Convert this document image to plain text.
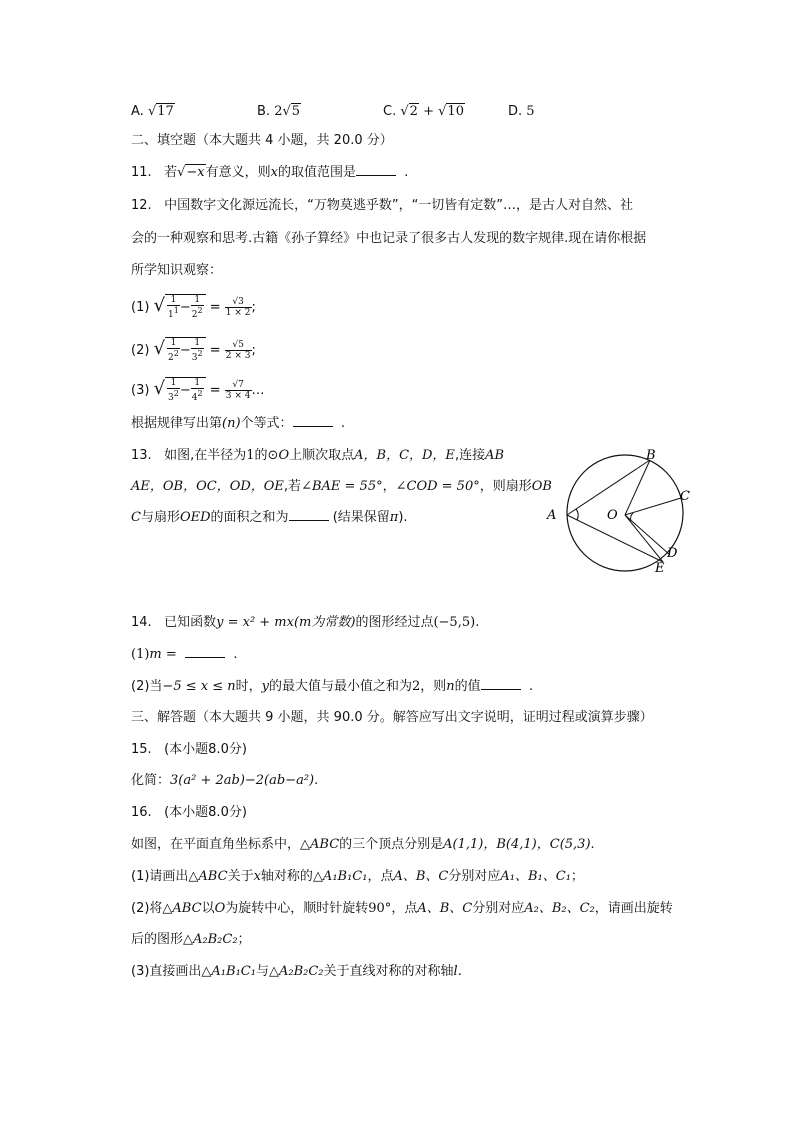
A. √17	B. 2√5	C. √2 + √10	D. 5
二、填空题（本大题共 4 小题，共 20.0 分）
11. 若√−x有意义，则x的取值范围是	.
12. 中国数字文化源远流长，“万物莫逃乎数”，“一切皆有定数”…，是古人对自然、社
会的一种观察和思考.古籍《孙子算经》中也记录了很多古人发现的数字规律.现在请你根据
所学知识观察：
(1) √ $\frac{1}{1^1} - \frac{1}{2^2} = \frac{√3}{1 \times 2}$ ;
(2) √ $\frac{1}{2^2} - \frac{1}{3^2} = \frac{√5}{2 \times 3}$ ;
(3) √ $\frac{1}{3^2} - \frac{1}{4^2} = \frac{√7}{3 \times 4}$ …
根据规律写出第(n)个等式：	.
13. 如图,在半径为1的⊙O上顺次取点A，B，C，D，E,连接AB
AE，OB，OC，OD，OE,若∠BAE = 55°，∠COD = 50°，则扇形OB
C与扇形OED的面积之和为	(结果保留π).	A
B
C
D
E
O
14. 已知函数y = x² + mx(m为常数)的图形经过点(−5,5).
(1)m =	.
(2)当−5 ≤ x ≤ n时，y的最大值与最小值之和为2，则n的值	.
三、解答题（本大题共 9 小题，共 90.0 分。解答应写出文字说明，证明过程或演算步骤）
15. (本小题8.0分)
化简：3(a² + 2ab)−2(ab−a²).
16. (本小题8.0分)
如图，在平面直角坐标系中，△ABC的三个顶点分别是A(1,1)，B(4,1)，C(5,3).
(1)请画出△ABC关于x轴对称的△A₁B₁C₁，点A、B、C分别对应A₁、B₁、C₁；
(2)将△ABC以O为旋转中心，顺时针旋转90°，点A、B、C分别对应A₂、B₂、C₂，请画出旋转
后的图形△A₂B₂C₂；
(3)直接画出△A₁B₁C₁与△A₂B₂C₂关于直线对称的对称轴l.
